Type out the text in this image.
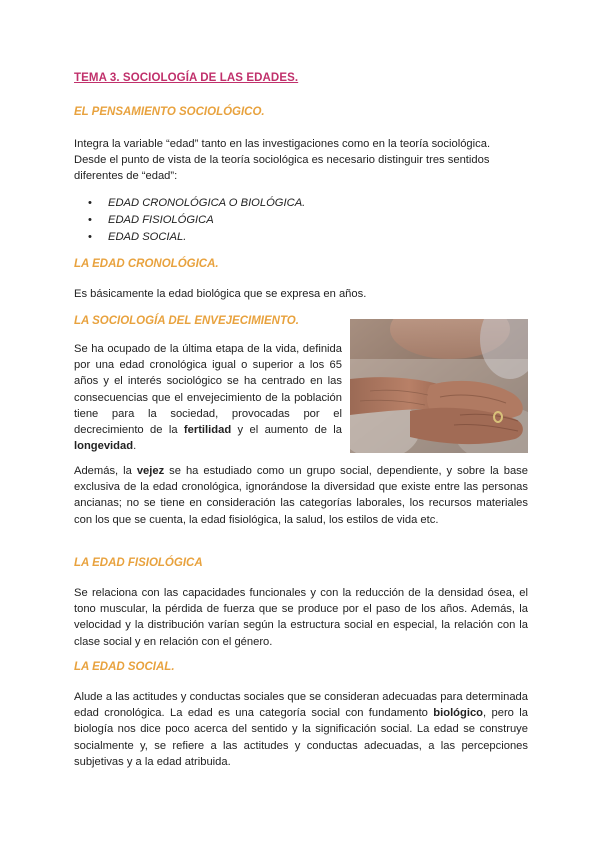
TEMA 3. SOCIOLOGÍA DE LAS EDADES.
EL PENSAMIENTO SOCIOLÓGICO.
Integra la variable “edad” tanto en las investigaciones como en la teoría sociológica.
Desde el punto de vista de la teoría sociológica es necesario distinguir tres sentidos
diferentes de “edad”:
• EDAD CRONOLÓGICA O BIOLÓGICA.
• EDAD FISIOLÓGICA
• EDAD SOCIAL.
LA EDAD CRONOLÓGICA.
Es básicamente la edad biológica que se expresa en años.
LA SOCIOLOGÍA DEL ENVEJECIMIENTO.
Se ha ocupado de la última etapa de la vida, definida por una edad cronológica igual o superior a los 65 años y el interés sociológico se ha centrado en las consecuencias que el envejecimiento de la población tiene para la sociedad, provocadas por el decrecimiento de la fertilidad y el aumento de la longevidad.
Además, la vejez se ha estudiado como un grupo social, dependiente, y sobre la base exclusiva de la edad cronológica, ignorándose la diversidad que existe entre las personas ancianas; no se tiene en consideración las categorías laborales, los recursos materiales con los que se cuenta, la edad fisiológica, la salud, los estilos de vida etc.
LA EDAD FISIOLÓGICA
Se relaciona con las capacidades funcionales y con la reducción de la densidad ósea, el tono muscular, la pérdida de fuerza que se produce por el paso de los años. Además, la velocidad y la distribución varían según la estructura social en especial, la relación con la clase social y en relación con el género.
LA EDAD SOCIAL.
Alude a las actitudes y conductas sociales que se consideran adecuadas para determinada edad cronológica. La edad es una categoría social con fundamento biológico, pero la biología nos dice poco acerca del sentido y la significación social. La edad se construye socialmente y, se refiere a las actitudes y conductas adecuadas, a las percepciones subjetivas y a la edad atribuida.
